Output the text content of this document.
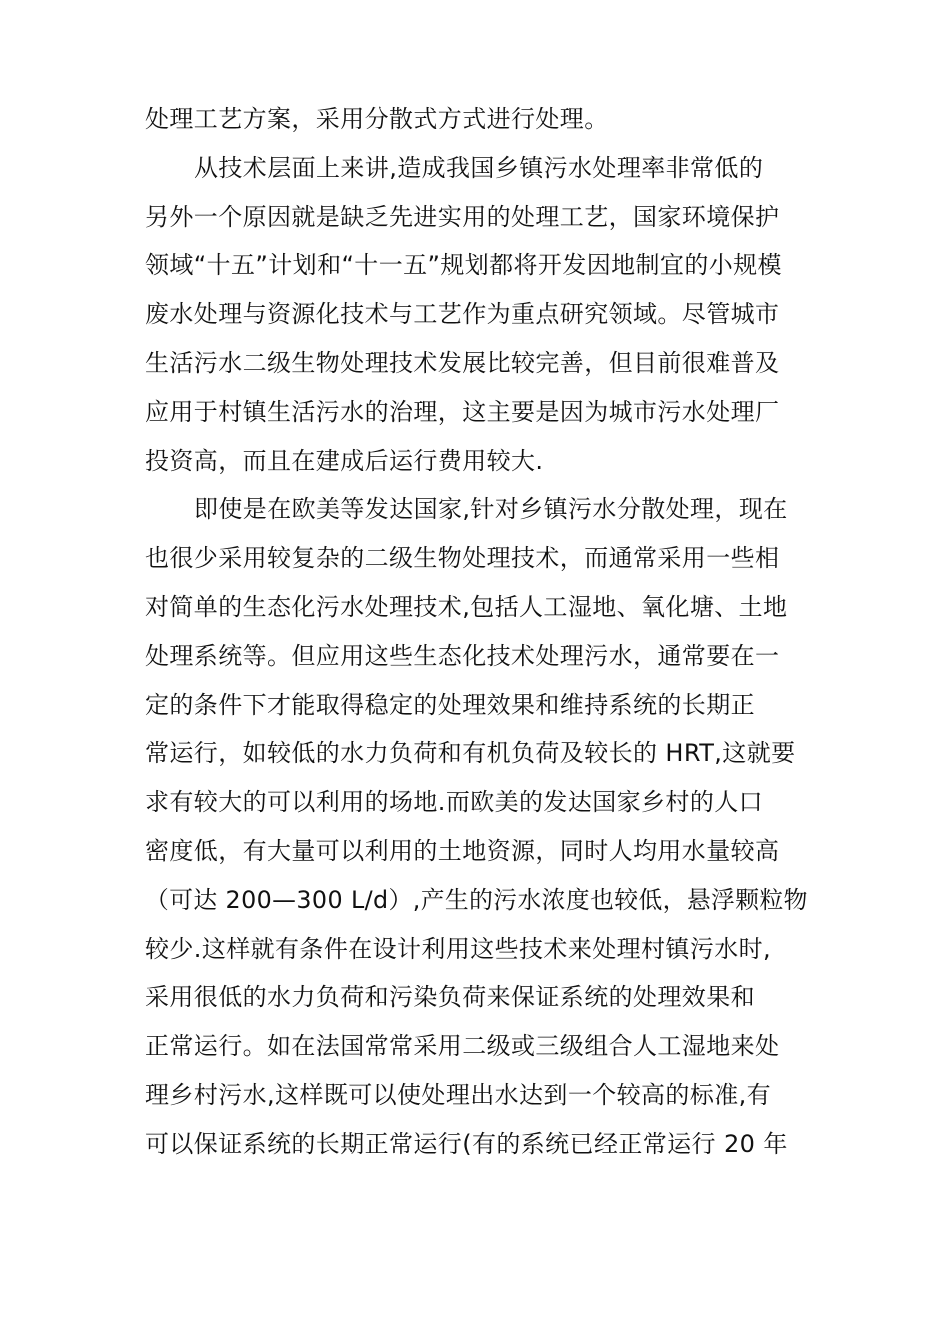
处理工艺方案，采用分散式方式进行处理。
从技术层面上来讲,造成我国乡镇污水处理率非常低的
另外一个原因就是缺乏先进实用的处理工艺，国家环境保护
领域“十五”计划和“十一五”规划都将开发因地制宜的小规模
废水处理与资源化技术与工艺作为重点研究领域。尽管城市
生活污水二级生物处理技术发展比较完善，但目前很难普及
应用于村镇生活污水的治理，这主要是因为城市污水处理厂
投资高，而且在建成后运行费用较大.
即使是在欧美等发达国家,针对乡镇污水分散处理，现在
也很少采用较复杂的二级生物处理技术，而通常采用一些相
对简单的生态化污水处理技术,包括人工湿地、氧化塘、土地
处理系统等。但应用这些生态化技术处理污水，通常要在一
定的条件下才能取得稳定的处理效果和维持系统的长期正
常运行，如较低的水力负荷和有机负荷及较长的 HRT,这就要
求有较大的可以利用的场地.而欧美的发达国家乡村的人口
密度低，有大量可以利用的土地资源，同时人均用水量较高
（可达 200—300 L/d）,产生的污水浓度也较低，悬浮颗粒物
较少.这样就有条件在设计利用这些技术来处理村镇污水时,
采用很低的水力负荷和污染负荷来保证系统的处理效果和
正常运行。如在法国常常采用二级或三级组合人工湿地来处
理乡村污水,这样既可以使处理出水达到一个较高的标准,有
可以保证系统的长期正常运行(有的系统已经正常运行 20 年
